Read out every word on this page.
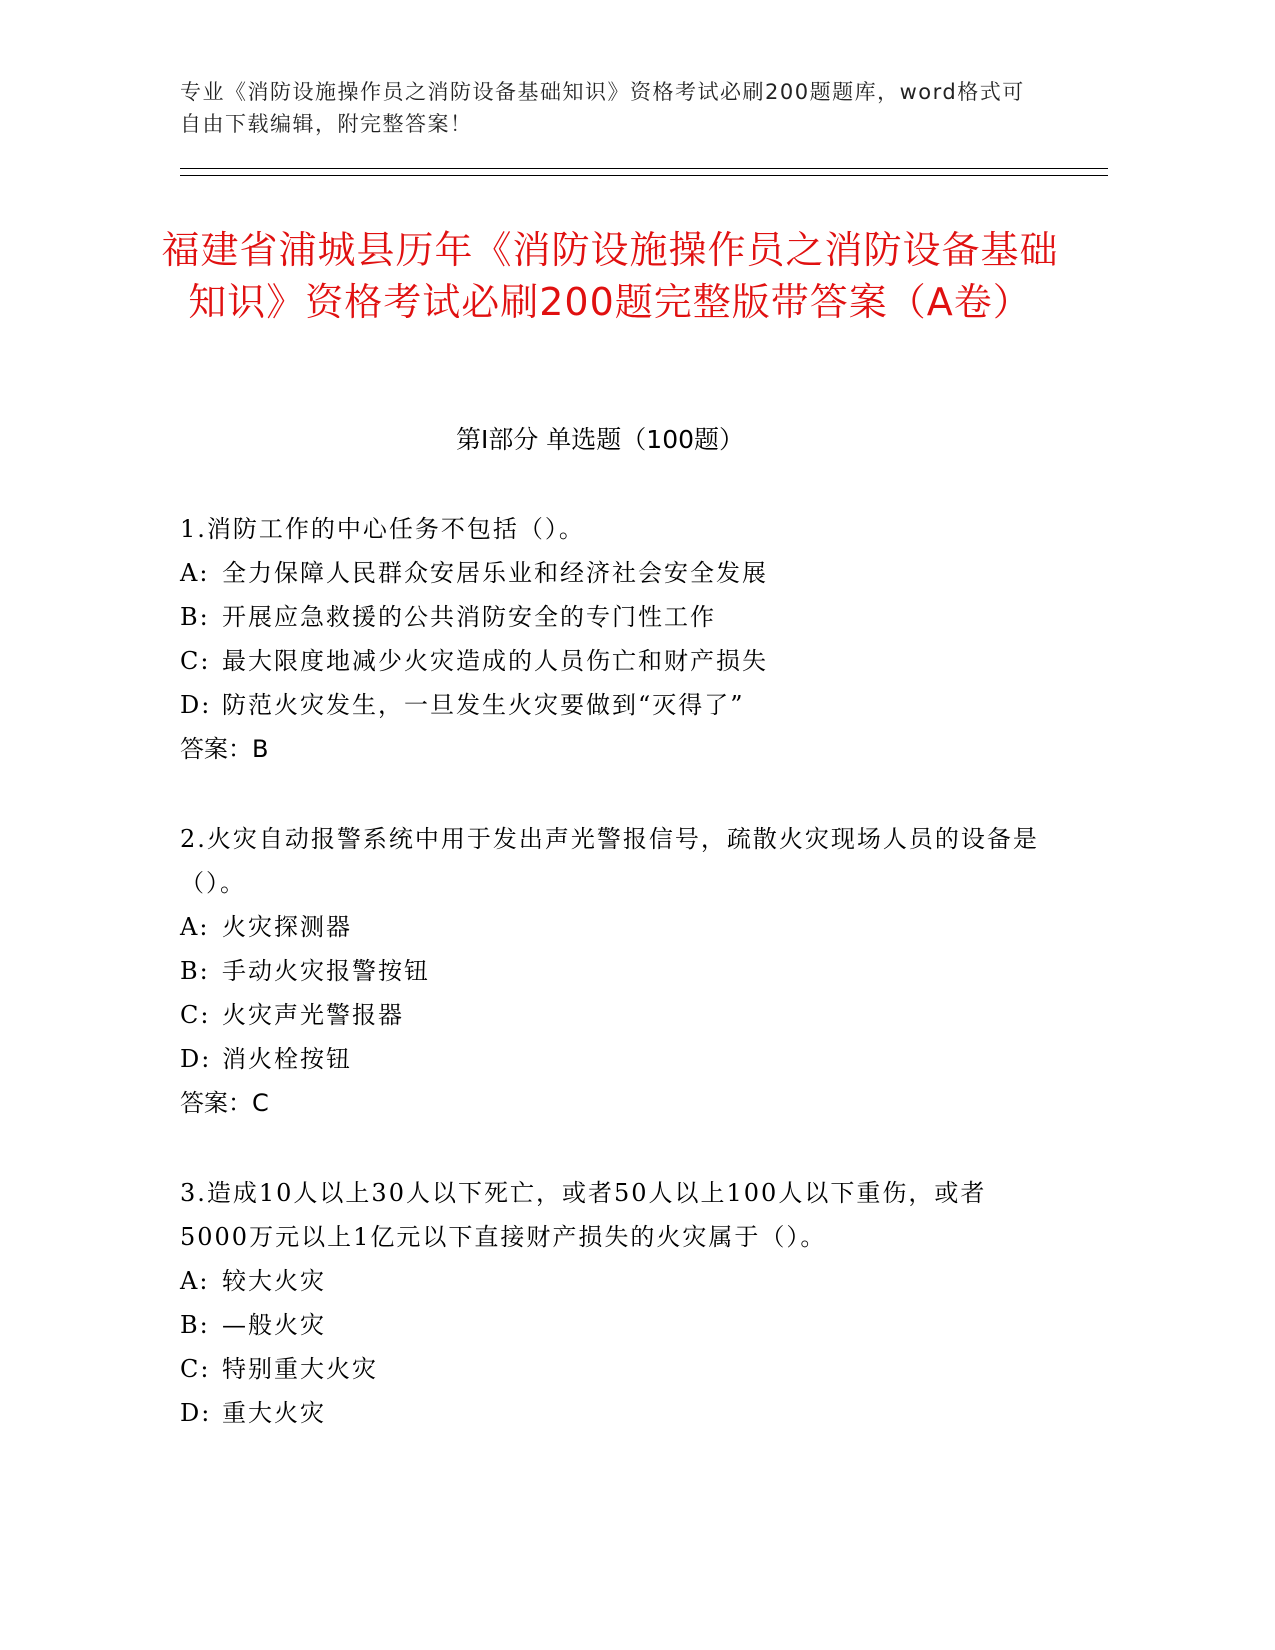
专业《消防设施操作员之消防设备基础知识》资格考试必刷200题题库，word格式可自由下载编辑，附完整答案！
福建省浦城县历年《消防设施操作员之消防设备基础知识》资格考试必刷200题完整版带答案（A卷）
第I部分 单选题（100题）
1.消防工作的中心任务不包括（）。
A: 全力保障人民群众安居乐业和经济社会安全发展
B: 开展应急救援的公共消防安全的专门性工作
C: 最大限度地减少火灾造成的人员伤亡和财产损失
D: 防范火灾发生，一旦发生火灾要做到“灭得了”
答案：B
2.火灾自动报警系统中用于发出声光警报信号，疏散火灾现场人员的设备是（）。
A: 火灾探测器
B: 手动火灾报警按钮
C: 火灾声光警报器
D: 消火栓按钮
答案：C
3.造成10人以上30人以下死亡，或者50人以上100人以下重伤，或者5000万元以上1亿元以下直接财产损失的火灾属于（）。
A: 较大火灾
B: —般火灾
C: 特别重大火灾
D: 重大火灾
